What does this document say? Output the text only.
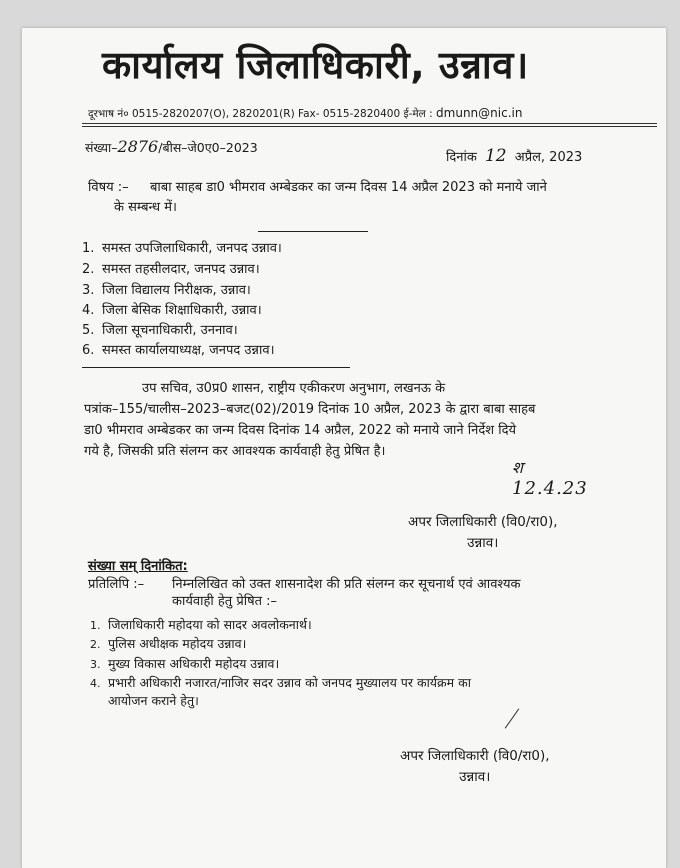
कार्यालय जिलाधिकारी, उन्नाव।
दूरभाष नं० 0515-2820207(O), 2820201(R) Fax- 0515-2820400 ई-मेल : dmunn@nic.in
संख्या–2876/बीस–जे0ए0–2023
दिनांक 12 अप्रैल, 2023
विषय :– बाबा साहब डा0 भीमराव अम्बेडकर का जन्म दिवस 14 अप्रैल 2023 को मनाये जाने
के सम्बन्ध में।
1. समस्त उपजिलाधिकारी, जनपद उन्नाव।
2. समस्त तहसीलदार, जनपद उन्नाव।
3. जिला विद्यालय निरीक्षक, उन्नाव।
4. जिला बेसिक शिक्षाधिकारी, उन्नाव।
5. जिला सूचनाधिकारी, उननाव।
6. समस्त कार्यालयाध्यक्ष, जनपद उन्नाव।

उप सचिव, उ0प्र0 शासन, राष्ट्रीय एकीकरण अनुभाग, लखनऊ के

पत्रांक–155/चालीस–2023–बजट(02)/2019 दिनांक 10 अप्रैल, 2023 के द्वारा बाबा साहब

डा0 भीमराव अम्बेडकर का जन्म दिवस दिनांक 14 अप्रैल, 2022 को मनाये जाने निर्देश दिये

गये है, जिसकी प्रति संलग्न कर आवश्यक कार्यवाही हेतु प्रेषित है।

श
12.4.23
अपर जिलाधिकारी (वि0/रा0),
उन्नाव।
संख्या सम् दिनांकित:
प्रतिलिपि :– निम्नलिखित को उक्त शासनादेश की प्रति संलग्न कर सूचनार्थ एवं आवश्यक
कार्यवाही हेतु प्रेषित :–
1. जिलाधिकारी महोदया को सादर अवलोकनार्थ।
2. पुलिस अधीक्षक महोदय उन्नाव।
3. मुख्य विकास अधिकारी महोदय उन्नाव।
4. प्रभारी अधिकारी नजारत/नाजिर सदर उन्नाव को जनपद मुख्यालय पर कार्यक्रम का
आयोजन कराने हेतु।
अपर जिलाधिकारी (वि0/रा0),
उन्नाव।
